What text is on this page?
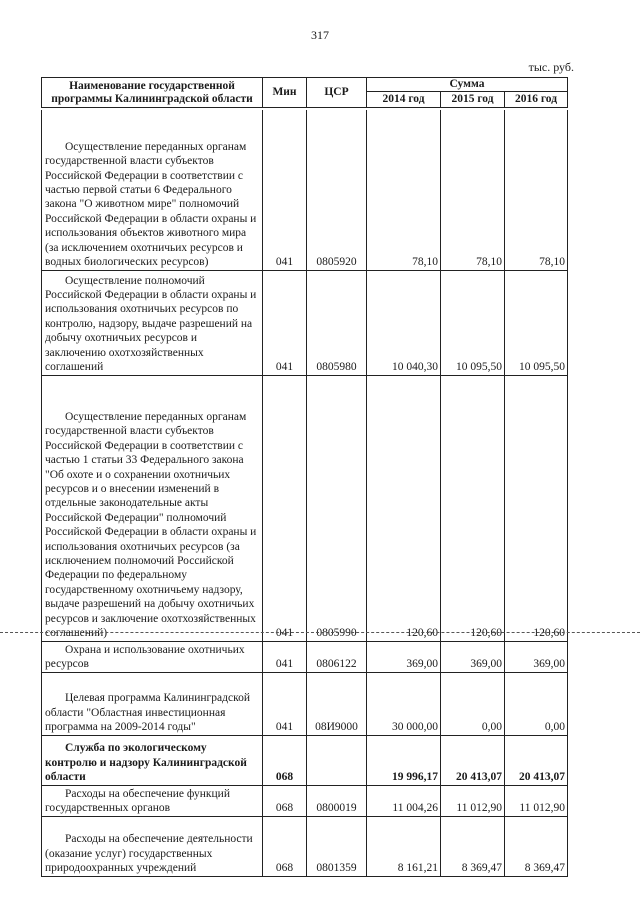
317
тыс. руб.
Наименование государственной программы Калининградской области	Мин	ЦСР	Сумма		
			2014 год	2015 год	2016 год
Осуществление переданных органам государственной власти субъектов Российской Федерации в соответствии с частью первой статьи 6 Федерального закона "О животном мире" полномочий Российской Федерации в области охраны и использования объектов животного мира (за исключением охотничьих ресурсов и водных биологических ресурсов)	041	0805920	78,10	78,10	78,10
Осуществление полномочий Российской Федерации в области охраны и использования охотничьих ресурсов по контролю, надзору, выдаче разрешений на добычу охотничьих ресурсов и заключению охотхозяйственных соглашений	041	0805980	10 040,30	10 095,50	10 095,50
Осуществление переданных органам государственной власти субъектов Российской Федерации в соответствии с частью 1 статьи 33 Федерального закона "Об охоте и о сохранении охотничьих ресурсов и о внесении изменений в отдельные законодательные акты Российской Федерации" полномочий Российской Федерации в области охраны и использования охотничьих ресурсов (за исключением полномочий Российской Федерации по федеральному государственному охотничьему надзору, выдаче разрешений на добычу охотничьих ресурсов и заключение охотхозяйственных соглашений)	041	0805990	120,60	120,60	120,60
Охрана и использование охотничьих ресурсов	041	0806122	369,00	369,00	369,00
Целевая программа Калининградской области "Областная инвестиционная программа на 2009-2014 годы"	041	08И9000	30 000,00	0,00	0,00
Служба по экологическому контролю и надзору Калининградской области	068		19 996,17	20 413,07	20 413,07
Расходы на обеспечение функций государственных органов	068	0800019	11 004,26	11 012,90	11 012,90
Расходы на обеспечение деятельности (оказание услуг) государственных природоохранных учреждений	068	0801359	8 161,21	8 369,47	8 369,47
